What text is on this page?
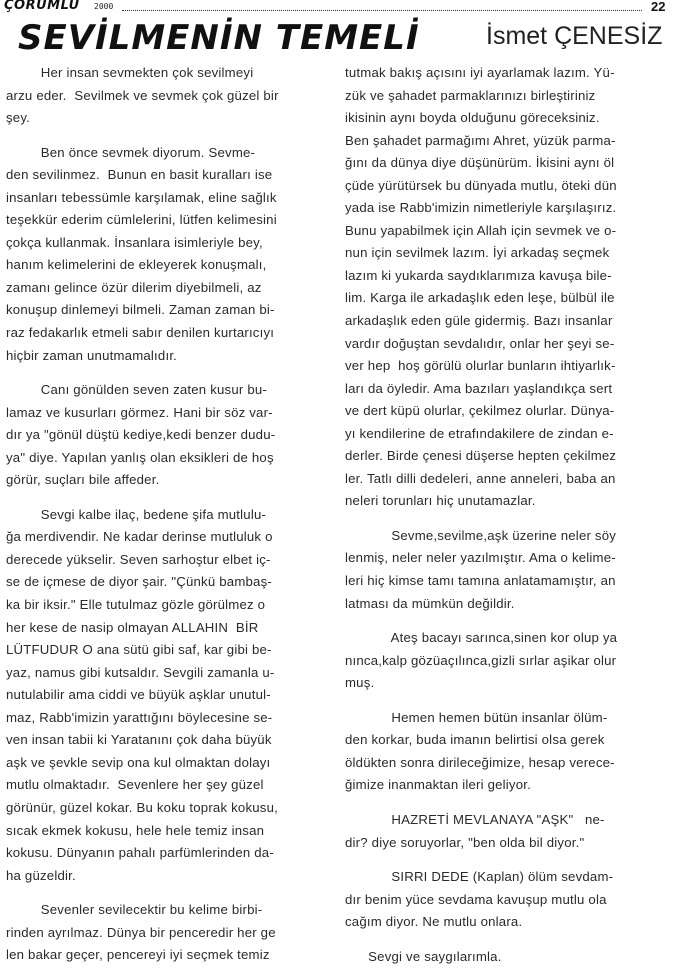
ÇORUMLU 2000	22
SEVİLMENİN TEMELİ	İsmet ÇENESİZ
Her insan sevmekten çok sevilmeyi
arzu eder.  Sevilmek ve sevmek çok güzel bir
şey.
Ben önce sevmek diyorum. Sevme-
den sevilinmez.  Bunun en basit kuralları ise
insanları tebessümle karşılamak, eline sağlık
teşekkür ederim cümlelerini, lütfen kelimesini
çokça kullanmak. İnsanlara isimleriyle bey,
hanım kelimelerini de ekleyerek konuşmalı,
zamanı gelince özür dilerim diyebilmeli, az
konuşup dinlemeyi bilmeli. Zaman zaman bi-
raz fedakarlık etmeli sabır denilen kurtarıcıyı
hiçbir zaman unutmamalıdır.
Canı gönülden seven zaten kusur bu-
lamaz ve kusurları görmez. Hani bir söz var-
dır ya "gönül düştü kediye,kedi benzer dudu-
ya" diye. Yapılan yanlış olan eksikleri de hoş
görür, suçları bile affeder.
Sevgi kalbe ilaç, bedene şifa mutlulu-
ğa merdivendir. Ne kadar derinse mutluluk o
derecede yükselir. Seven sarhoştur elbet iç-
se de içmese de diyor şair. "Çünkü bambaş-
ka bir iksir." Elle tutulmaz gözle görülmez o
her kese de nasip olmayan ALLAHIN  BİR
LÜTFUDUR O ana sütü gibi saf, kar gibi be-
yaz, namus gibi kutsaldır. Sevgili zamanla u-
nutulabilir ama ciddi ve büyük aşklar unutul-
maz, Rabb'imizin yarattığını böylecesine se-
ven insan tabii ki Yaratanını çok daha büyük
aşk ve şevkle sevip ona kul olmaktan dolayı
mutlu olmaktadır.  Sevenlere her şey güzel
görünür, güzel kokar. Bu koku toprak kokusu,
sıcak ekmek kokusu, hele hele temiz insan
kokusu. Dünyanın pahalı parfümlerinden da-
ha güzeldir.
Sevenler sevilecektir bu kelime birbi-
rinden ayrılmaz. Dünya bir penceredir her ge
len bakar geçer, pencereyi iyi seçmek temiz
tutmak bakış açısını iyi ayarlamak lazım. Yü-
zük ve şahadet parmaklarınızı birleştiriniz
ikisinin aynı boyda olduğunu göreceksiniz.
Ben şahadet parmağımı Ahret, yüzük parma-
ğını da dünya diye düşünürüm. İkisini aynı öl
çüde yürütürsek bu dünyada mutlu, öteki dün
yada ise Rabb'imizin nimetleriyle karşılaşırız.
Bunu yapabilmek için Allah için sevmek ve o-
nun için sevilmek lazım. İyi arkadaş seçmek
lazım ki yukarda saydıklarımıza kavuşa bile-
lim. Karga ile arkadaşlık eden leşe, bülbül ile
arkadaşlık eden güle gidermiş. Bazı insanlar
vardır doğuştan sevdalıdır, onlar her şeyi se-
ver hep  hoş görülü olurlar bunların ihtiyarlık-
ları da öyledir. Ama bazıları yaşlandıkça sert
ve dert küpü olurlar, çekilmez olurlar. Dünya-
yı kendilerine de etrafındakilere de zindan e-
derler. Birde çenesi düşerse hepten çekilmez
ler. Tatlı dilli dedeleri, anne anneleri, baba an
neleri torunları hiç unutamazlar.
Sevme,sevilme,aşk üzerine neler söy
lenmiş, neler neler yazılmıştır. Ama o kelime-
leri hiç kimse tamı tamına anlatamamıştır, an
latması da mümkün değildir.
Ateş bacayı sarınca,sinen kor olup ya
nınca,kalp gözüaçılınca,gizli sırlar aşikar olur
muş.
Hemen hemen bütün insanlar ölüm-
den korkar, buda imanın belirtisi olsa gerek
öldükten sonra dirileceğimize, hesap verece-
ğimize inanmaktan ileri geliyor.
HAZRETİ MEVLANAYA "AŞK"   ne-
dir? diye soruyorlar, "ben olda bil diyor."
SIRRI DEDE (Kaplan) ölüm sevdam-
dır benim yüce sevdama kavuşup mutlu ola
cağım diyor. Ne mutlu onlara.
Sevgi ve saygılarımla.
